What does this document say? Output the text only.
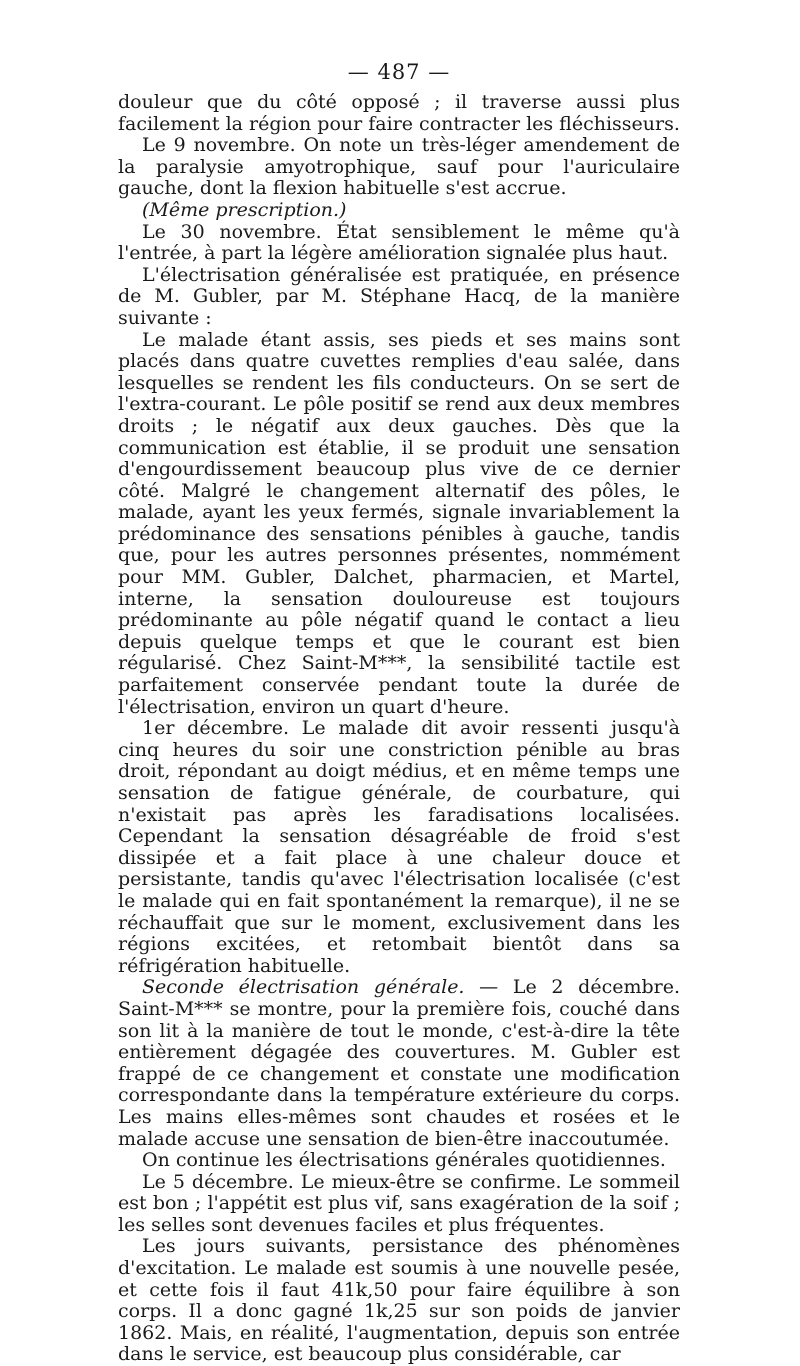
— 487 —

douleur que du côté opposé ; il traverse aussi plus facilement la région pour faire contracter les fléchisseurs.

Le 9 novembre. On note un très-léger amendement de la paralysie amyotrophique, sauf pour l'auriculaire gauche, dont la flexion habituelle s'est accrue.

(Même prescription.)

Le 30 novembre. État sensiblement le même qu'à l'entrée, à part la légère amélioration signalée plus haut.

L'électrisation généralisée est pratiquée, en présence de M. Gubler, par M. Stéphane Hacq, de la manière suivante :

Le malade étant assis, ses pieds et ses mains sont placés dans quatre cuvettes remplies d'eau salée, dans lesquelles se rendent les fils conducteurs. On se sert de l'extra-courant. Le pôle positif se rend aux deux membres droits ; le négatif aux deux gauches. Dès que la communication est établie, il se produit une sensation d'engourdissement beaucoup plus vive de ce dernier côté. Malgré le changement alternatif des pôles, le malade, ayant les yeux fermés, signale invariablement la prédominance des sensations pénibles à gauche, tandis que, pour les autres personnes présentes, nommément pour MM. Gubler, Dalchet, pharmacien, et Martel, interne, la sensation douloureuse est toujours prédominante au pôle négatif quand le contact a lieu depuis quelque temps et que le courant est bien régularisé. Chez Saint-M***, la sensibilité tactile est parfaitement conservée pendant toute la durée de l'électrisation, environ un quart d'heure.

1er décembre. Le malade dit avoir ressenti jusqu'à cinq heures du soir une constriction pénible au bras droit, répondant au doigt médius, et en même temps une sensation de fatigue générale, de courbature, qui n'existait pas après les faradisations localisées. Cependant la sensation désagréable de froid s'est dissipée et a fait place à une chaleur douce et persistante, tandis qu'avec l'électrisation localisée (c'est le malade qui en fait spontanément la remarque), il ne se réchauffait que sur le moment, exclusivement dans les régions excitées, et retombait bientôt dans sa réfrigération habituelle.

Seconde électrisation générale. — Le 2 décembre. Saint-M*** se montre, pour la première fois, couché dans son lit à la manière de tout le monde, c'est-à-dire la tête entièrement dégagée des couvertures. M. Gubler est frappé de ce changement et constate une modification correspondante dans la température extérieure du corps. Les mains elles-mêmes sont chaudes et rosées et le malade accuse une sensation de bien-être inaccoutumée.

On continue les électrisations générales quotidiennes.

Le 5 décembre. Le mieux-être se confirme. Le sommeil est bon ; l'appétit est plus vif, sans exagération de la soif ; les selles sont devenues faciles et plus fréquentes.

Les jours suivants, persistance des phénomènes d'excitation. Le malade est soumis à une nouvelle pesée, et cette fois il faut 41k,50 pour faire équilibre à son corps. Il a donc gagné 1k,25 sur son poids de janvier 1862. Mais, en réalité, l'augmentation, depuis son entrée dans le service, est beaucoup plus considérable, car
